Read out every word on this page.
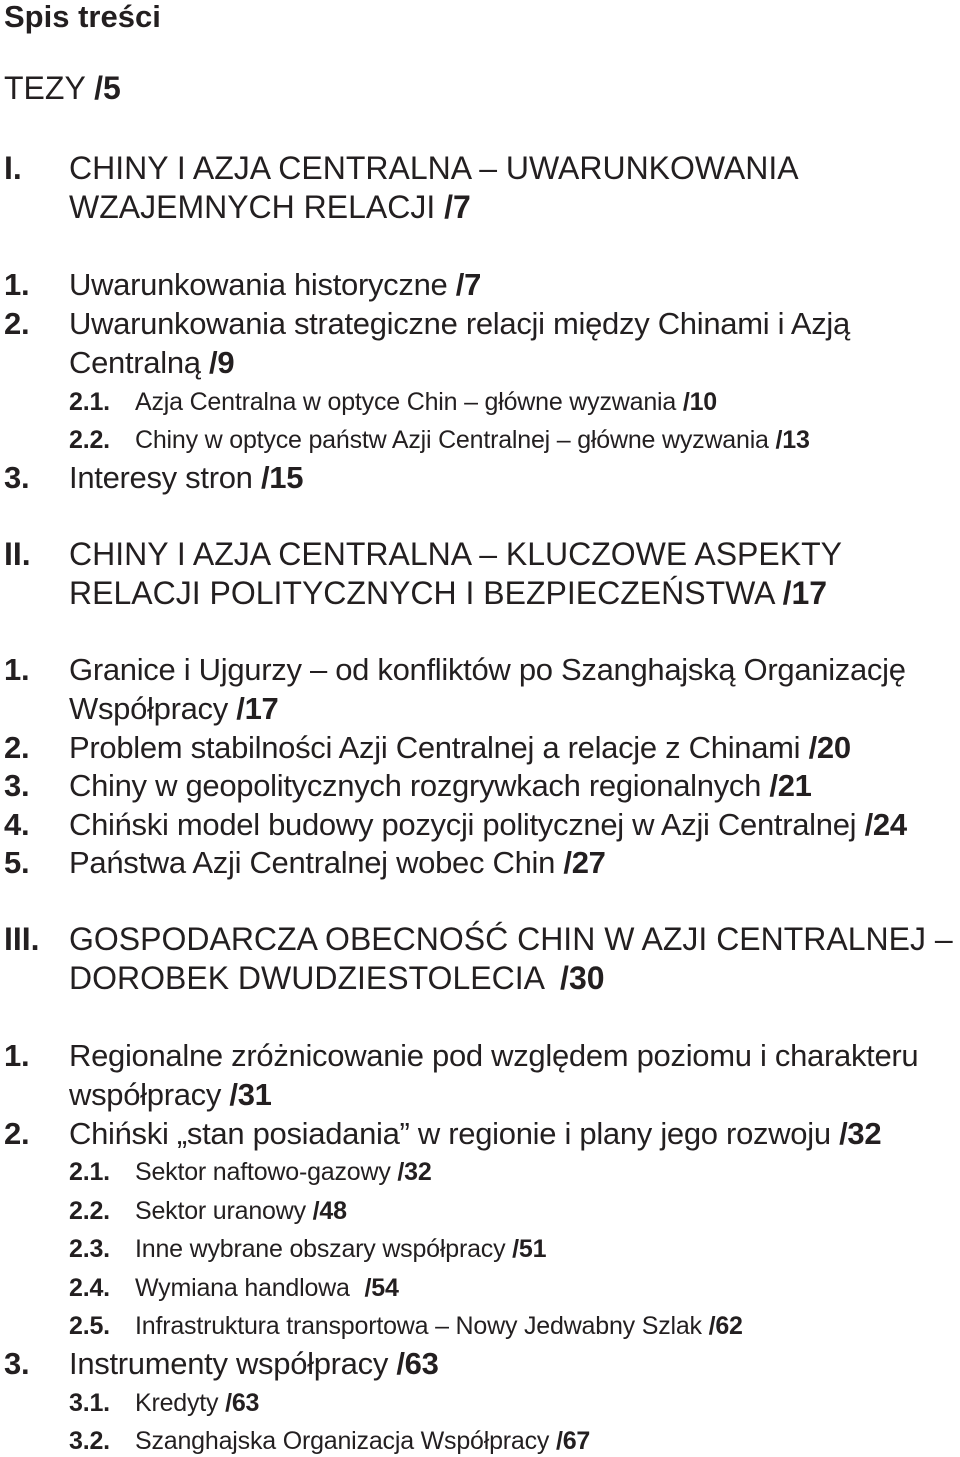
Spis treści
TEZY /5
I. CHINY I AZJA CENTRALNA – UWARUNKOWANIA
WZAJEMNYCH RELACJI /7
1. Uwarunkowania historyczne /7
2. Uwarunkowania strategiczne relacji między Chinami i Azją
Centralną /9
2.1. Azja Centralna w optyce Chin – główne wyzwania /10
2.2. Chiny w optyce państw Azji Centralnej – główne wyzwania /13
3. Interesy stron /15
II. CHINY I AZJA CENTRALNA – KLUCZOWE ASPEKTY
RELACJI POLITYCZNYCH I BEZPIECZEŃSTWA /17
1. Granice i Ujgurzy – od konfliktów po Szanghajską Organizację
Współpracy /17
2. Problem stabilności Azji Centralnej a relacje z Chinami /20
3. Chiny w geopolitycznych rozgrywkach regionalnych /21
4. Chiński model budowy pozycji politycznej w Azji Centralnej /24
5. Państwa Azji Centralnej wobec Chin /27
III. GOSPODARCZA OBECNOŚĆ CHIN W AZJI CENTRALNEJ –
DOROBEK DWUDZIESTOLECIA /30
1. Regionalne zróżnicowanie pod względem poziomu i charakteru
współpracy /31
2. Chiński „stan posiadania” w regionie i plany jego rozwoju /32
2.1. Sektor naftowo-gazowy /32
2.2. Sektor uranowy /48
2.3. Inne wybrane obszary współpracy /51
2.4. Wymiana handlowa /54
2.5. Infrastruktura transportowa – Nowy Jedwabny Szlak /62
3. Instrumenty współpracy /63
3.1. Kredyty /63
3.2. Szanghajska Organizacja Współpracy /67
